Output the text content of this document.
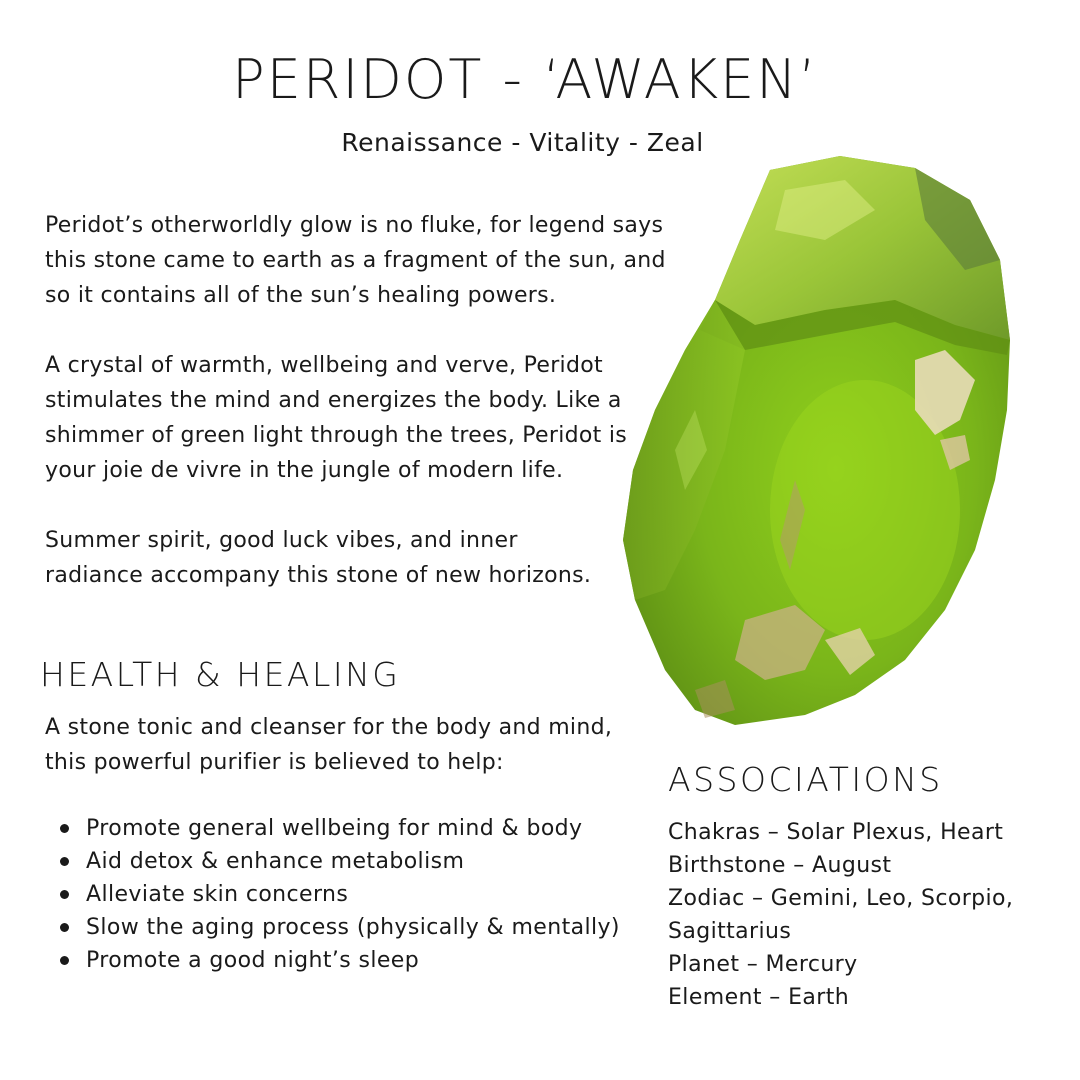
PERIDOT - ‘AWAKEN’
Renaissance - Vitality - Zeal

Peridot’s otherworldly glow is no fluke, for legend says this stone came to earth as a fragment of the sun, and so it contains all of the sun’s healing powers.

A crystal of warmth, wellbeing and verve, Peridot stimulates the mind and energizes the body. Like a shimmer of green light through the trees, Peridot is your joie de vivre in the jungle of modern life.

Summer spirit, good luck vibes, and inner radiance accompany this stone of new horizons.

HEALTH & HEALING

A stone tonic and cleanser for the body and mind, this powerful purifier is believed to help:

Promote general wellbeing for mind & body
Aid detox & enhance metabolism
Alleviate skin concerns
Slow the aging process (physically & mentally)
Promote a good night’s sleep
ASSOCIATIONS
Chakras – Solar Plexus, Heart
Birthstone – August
Zodiac – Gemini, Leo, Scorpio, Sagittarius
Planet – Mercury
Element – Earth
